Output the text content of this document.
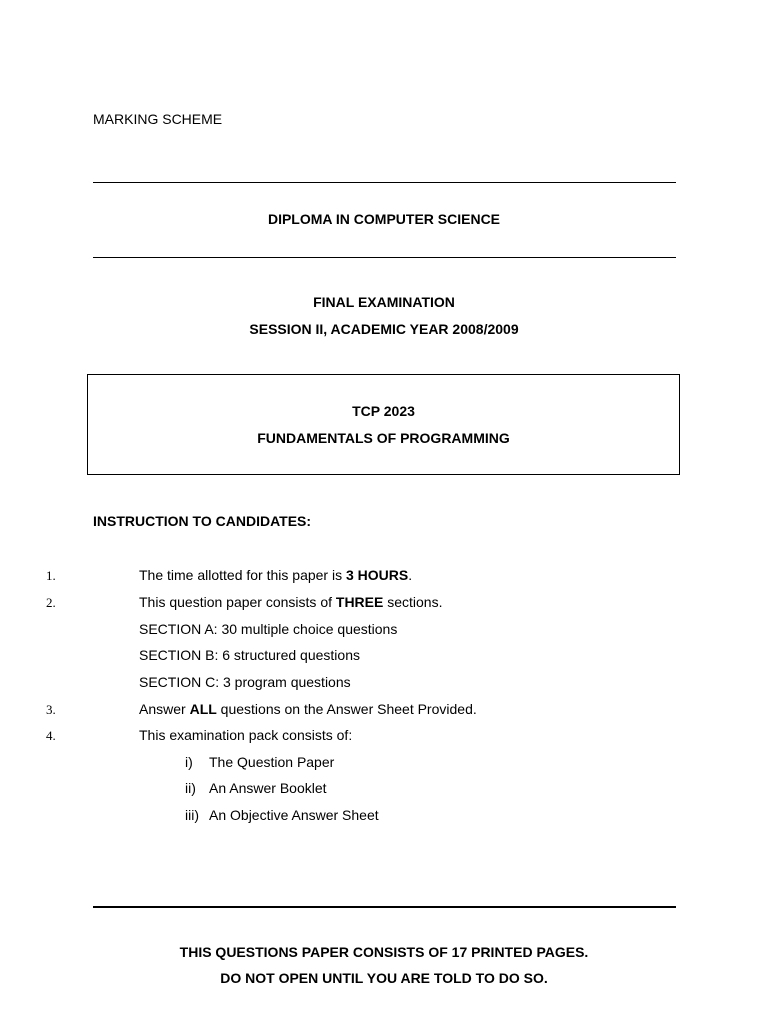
MARKING SCHEME
DIPLOMA IN COMPUTER SCIENCE
FINAL EXAMINATION
SESSION II, ACADEMIC YEAR 2008/2009
TCP 2023
FUNDAMENTALS OF PROGRAMMING
INSTRUCTION TO CANDIDATES:
1.	The time allotted for this paper is 3 HOURS.
2.	This question paper consists of THREE sections.
SECTION A: 30 multiple choice questions
SECTION B: 6 structured questions
SECTION C: 3 program questions
3.	Answer ALL questions on the Answer Sheet Provided.
4.	This examination pack consists of:
i) The Question Paper
ii) An Answer Booklet
iii) An Objective Answer Sheet
THIS QUESTIONS PAPER CONSISTS OF 17 PRINTED PAGES.
DO NOT OPEN UNTIL YOU ARE TOLD TO DO SO.
